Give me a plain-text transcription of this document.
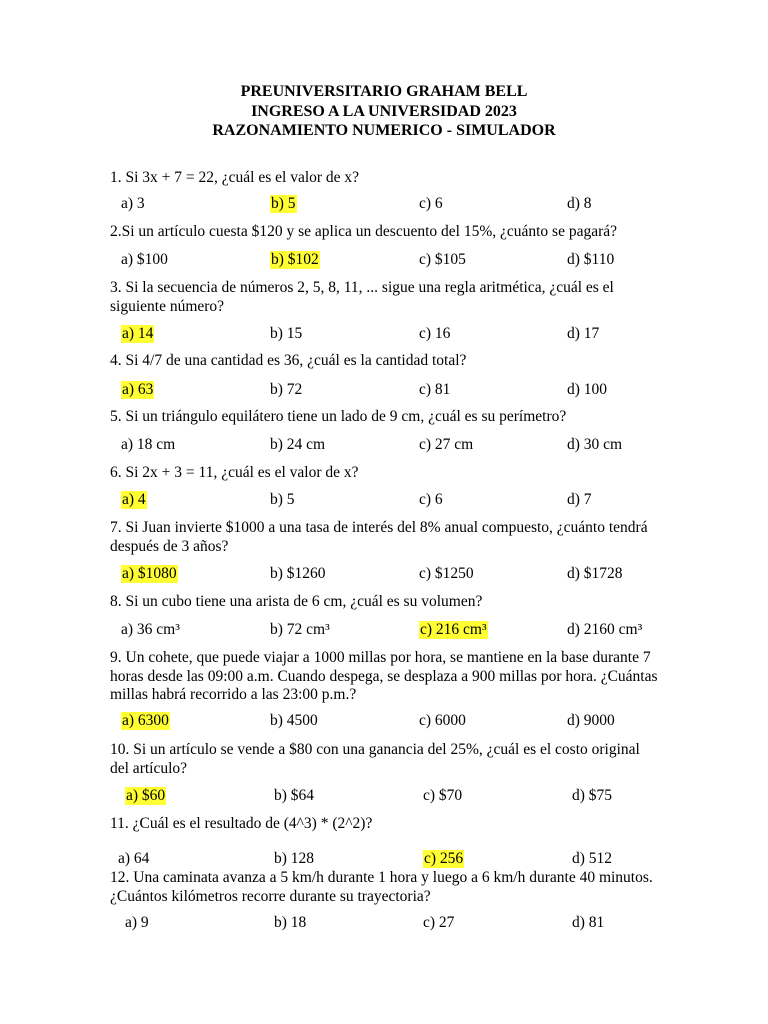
PREUNIVERSITARIO GRAHAM BELL
INGRESO A LA UNIVERSIDAD 2023
RAZONAMIENTO NUMERICO - SIMULADOR
1. Si 3x + 7 = 22, ¿cuál es el valor de x?
a) 3	b) 5	c) 6	d) 8
2.Si un artículo cuesta $120 y se aplica un descuento del 15%, ¿cuánto se pagará?
a) $100	b) $102	c) $105	d) $110
3. Si la secuencia de números 2, 5, 8, 11, ... sigue una regla aritmética, ¿cuál es el
siguiente número?
a) 14	b) 15	c) 16	d) 17
4. Si 4/7 de una cantidad es 36, ¿cuál es la cantidad total?
a) 63	b) 72	c) 81	d) 100
5. Si un triángulo equilátero tiene un lado de 9 cm, ¿cuál es su perímetro?
a) 18 cm	b) 24 cm	c) 27 cm	d) 30 cm
6. Si 2x + 3 = 11, ¿cuál es el valor de x?
a) 4	b) 5	c) 6	d) 7
7. Si Juan invierte $1000 a una tasa de interés del 8% anual compuesto, ¿cuánto tendrá
después de 3 años?
a) $1080	b) $1260	c) $1250	d) $1728
8. Si un cubo tiene una arista de 6 cm, ¿cuál es su volumen?
a) 36 cm³	b) 72 cm³	c) 216 cm³	d) 2160 cm³
9. Un cohete, que puede viajar a 1000 millas por hora, se mantiene en la base durante 7
horas desde las 09:00 a.m. Cuando despega, se desplaza a 900 millas por hora. ¿Cuántas
millas habrá recorrido a las 23:00 p.m.?
a) 6300	b) 4500	c) 6000	d) 9000
10. Si un artículo se vende a $80 con una ganancia del 25%, ¿cuál es el costo original
del artículo?
a) $60	b) $64	c) $70	d) $75
11. ¿Cuál es el resultado de (4^3) * (2^2)?
a) 64	b) 128	c) 256	d) 512
12. Una caminata avanza a 5 km/h durante 1 hora y luego a 6 km/h durante 40 minutos.
¿Cuántos kilómetros recorre durante su trayectoria?
a) 9	b) 18	c) 27	d) 81
